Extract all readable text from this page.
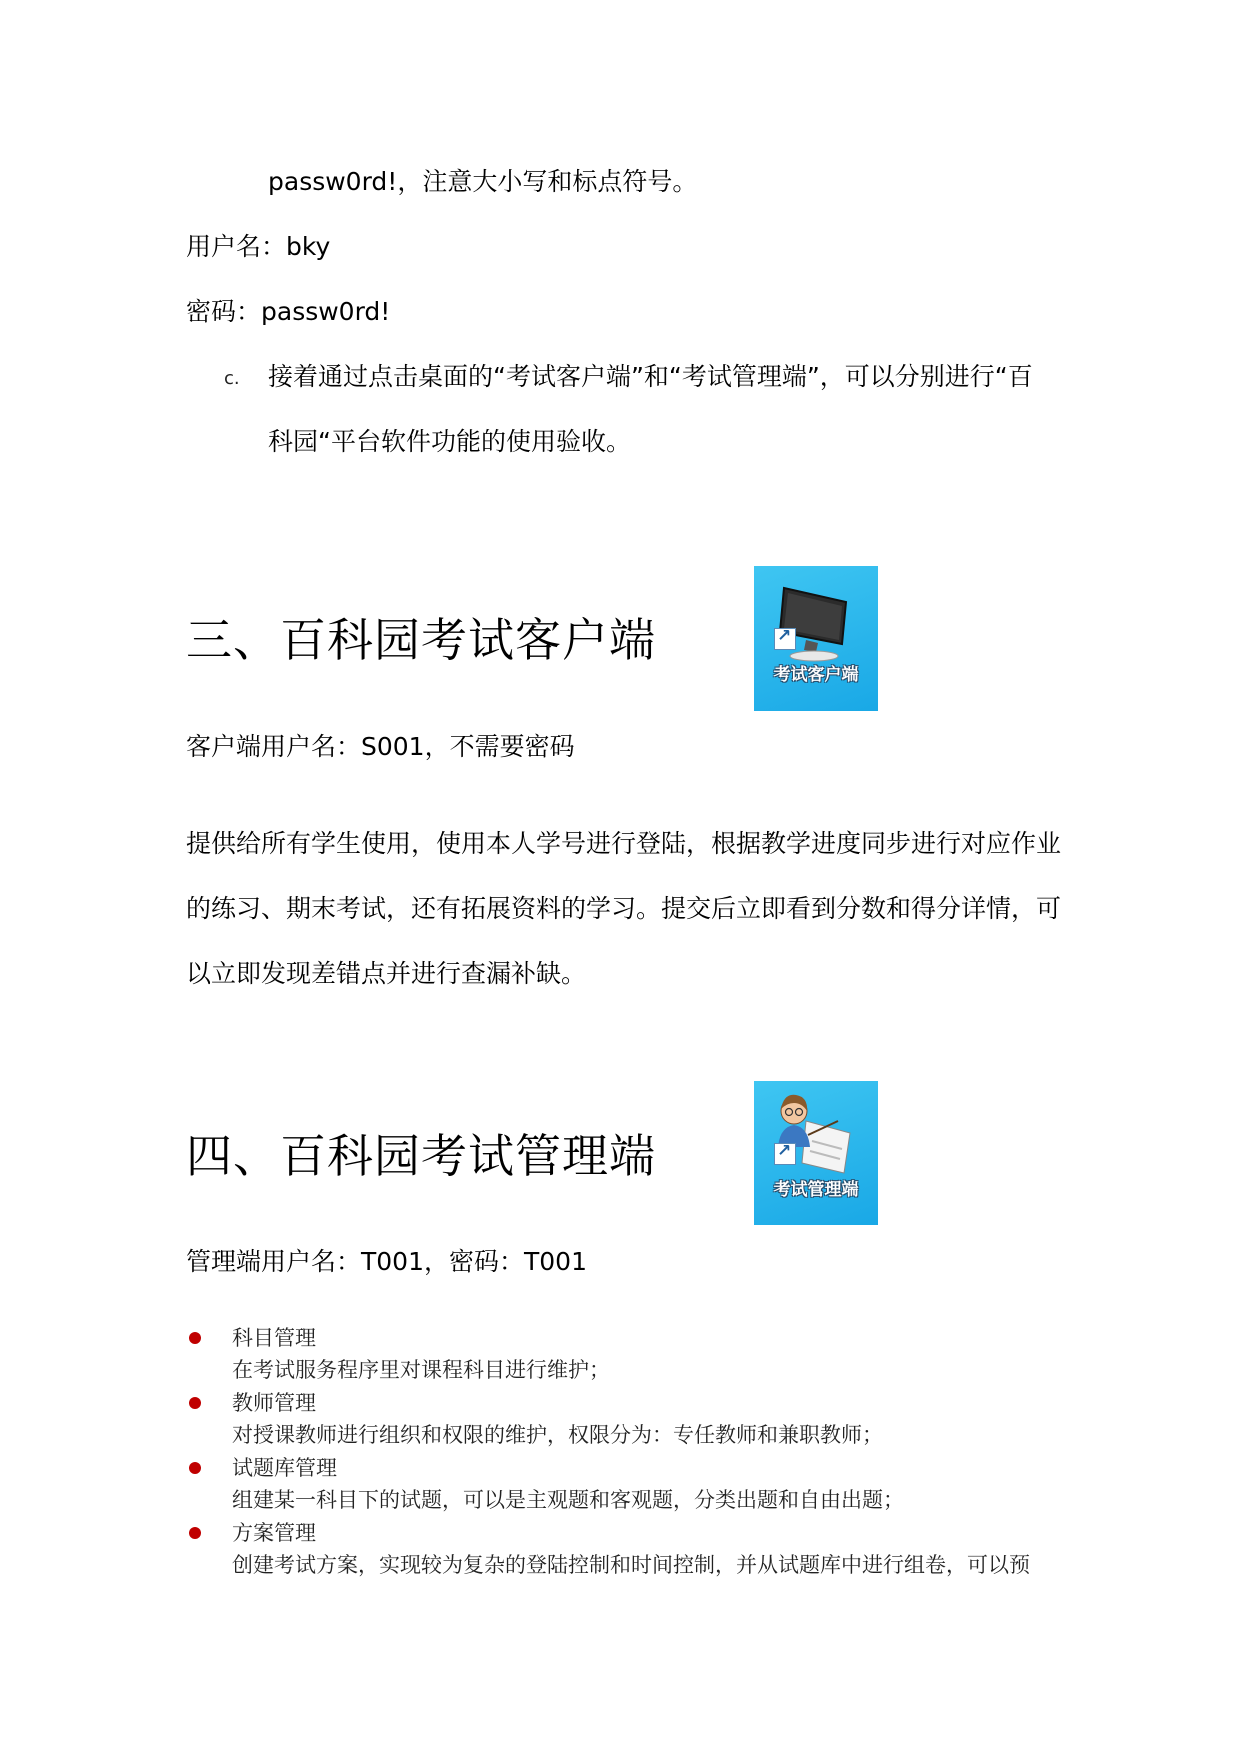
passw0rd!，注意大小写和标点符号。
用户名：bky
密码：passw0rd!
c. 接着通过点击桌面的“考试客户端”和“考试管理端”，可以分别进行“百
科园“平台软件功能的使用验收。
三、百科园考试客户端
↗
考试客户端
客户端用户名：S001，不需要密码
提供给所有学生使用，使用本人学号进行登陆，根据教学进度同步进行对应作业
的练习、期末考试，还有拓展资料的学习。提交后立即看到分数和得分详情，可
以立即发现差错点并进行查漏补缺。
四、百科园考试管理端
↗
考试管理端
管理端用户名：T001，密码：T001
科目管理
在考试服务程序里对课程科目进行维护；
教师管理
对授课教师进行组织和权限的维护，权限分为：专任教师和兼职教师；
试题库管理
组建某一科目下的试题，可以是主观题和客观题，分类出题和自由出题；
方案管理
创建考试方案，实现较为复杂的登陆控制和时间控制，并从试题库中进行组卷，可以预
